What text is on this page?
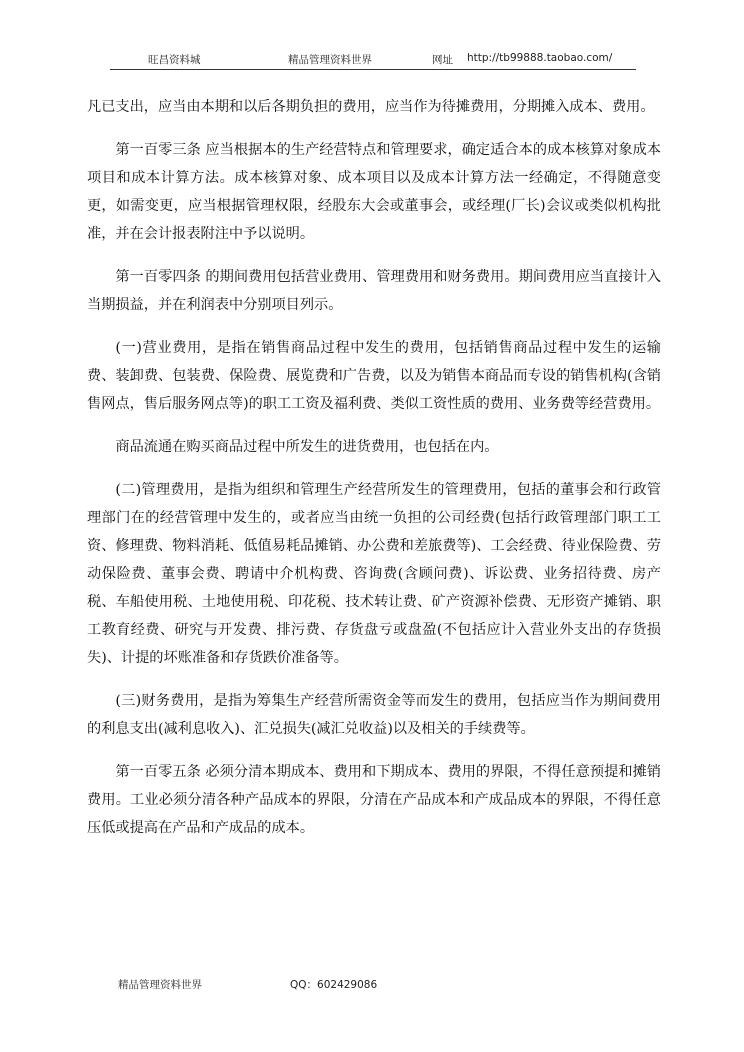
旺昌资料城	精品管理资料世界	网址 http://tb99888.taobao.com/

凡已支出，应当由本期和以后各期负担的费用，应当作为待摊费用，分期摊入成本、费用。

第一百零三条 应当根据本的生产经营特点和管理要求，确定适合本的成本核算对象成本项目和成本计算方法。成本核算对象、成本项目以及成本计算方法一经确定，不得随意变更，如需变更，应当根据管理权限，经股东大会或董事会，或经理(厂长)会议或类似机构批准，并在会计报表附注中予以说明。

第一百零四条 的期间费用包括营业费用、管理费用和财务费用。期间费用应当直接计入当期损益，并在利润表中分别项目列示。

(一)营业费用，是指在销售商品过程中发生的费用，包括销售商品过程中发生的运输费、装卸费、包装费、保险费、展览费和广告费，以及为销售本商品而专设的销售机构(含销售网点，售后服务网点等)的职工工资及福利费、类似工资性质的费用、业务费等经营费用。

商品流通在购买商品过程中所发生的进货费用，也包括在内。

(二)管理费用，是指为组织和管理生产经营所发生的管理费用，包括的董事会和行政管理部门在的经营管理中发生的，或者应当由统一负担的公司经费(包括行政管理部门职工工资、修理费、物料消耗、低值易耗品摊销、办公费和差旅费等)、工会经费、待业保险费、劳动保险费、董事会费、聘请中介机构费、咨询费(含顾问费)、诉讼费、业务招待费、房产税、车船使用税、土地使用税、印花税、技术转让费、矿产资源补偿费、无形资产摊销、职工教育经费、研究与开发费、排污费、存货盘亏或盘盈(不包括应计入营业外支出的存货损失)、计提的坏账准备和存货跌价准备等。

(三)财务费用，是指为筹集生产经营所需资金等而发生的费用，包括应当作为期间费用的利息支出(减利息收入)、汇兑损失(减汇兑收益)以及相关的手续费等。

第一百零五条 必须分清本期成本、费用和下期成本、费用的界限，不得任意预提和摊销费用。工业必须分清各种产品成本的界限，分清在产品成本和产成品成本的界限，不得任意压低或提高在产品和产成品的成本。

精品管理资料世界	QQ：602429086
